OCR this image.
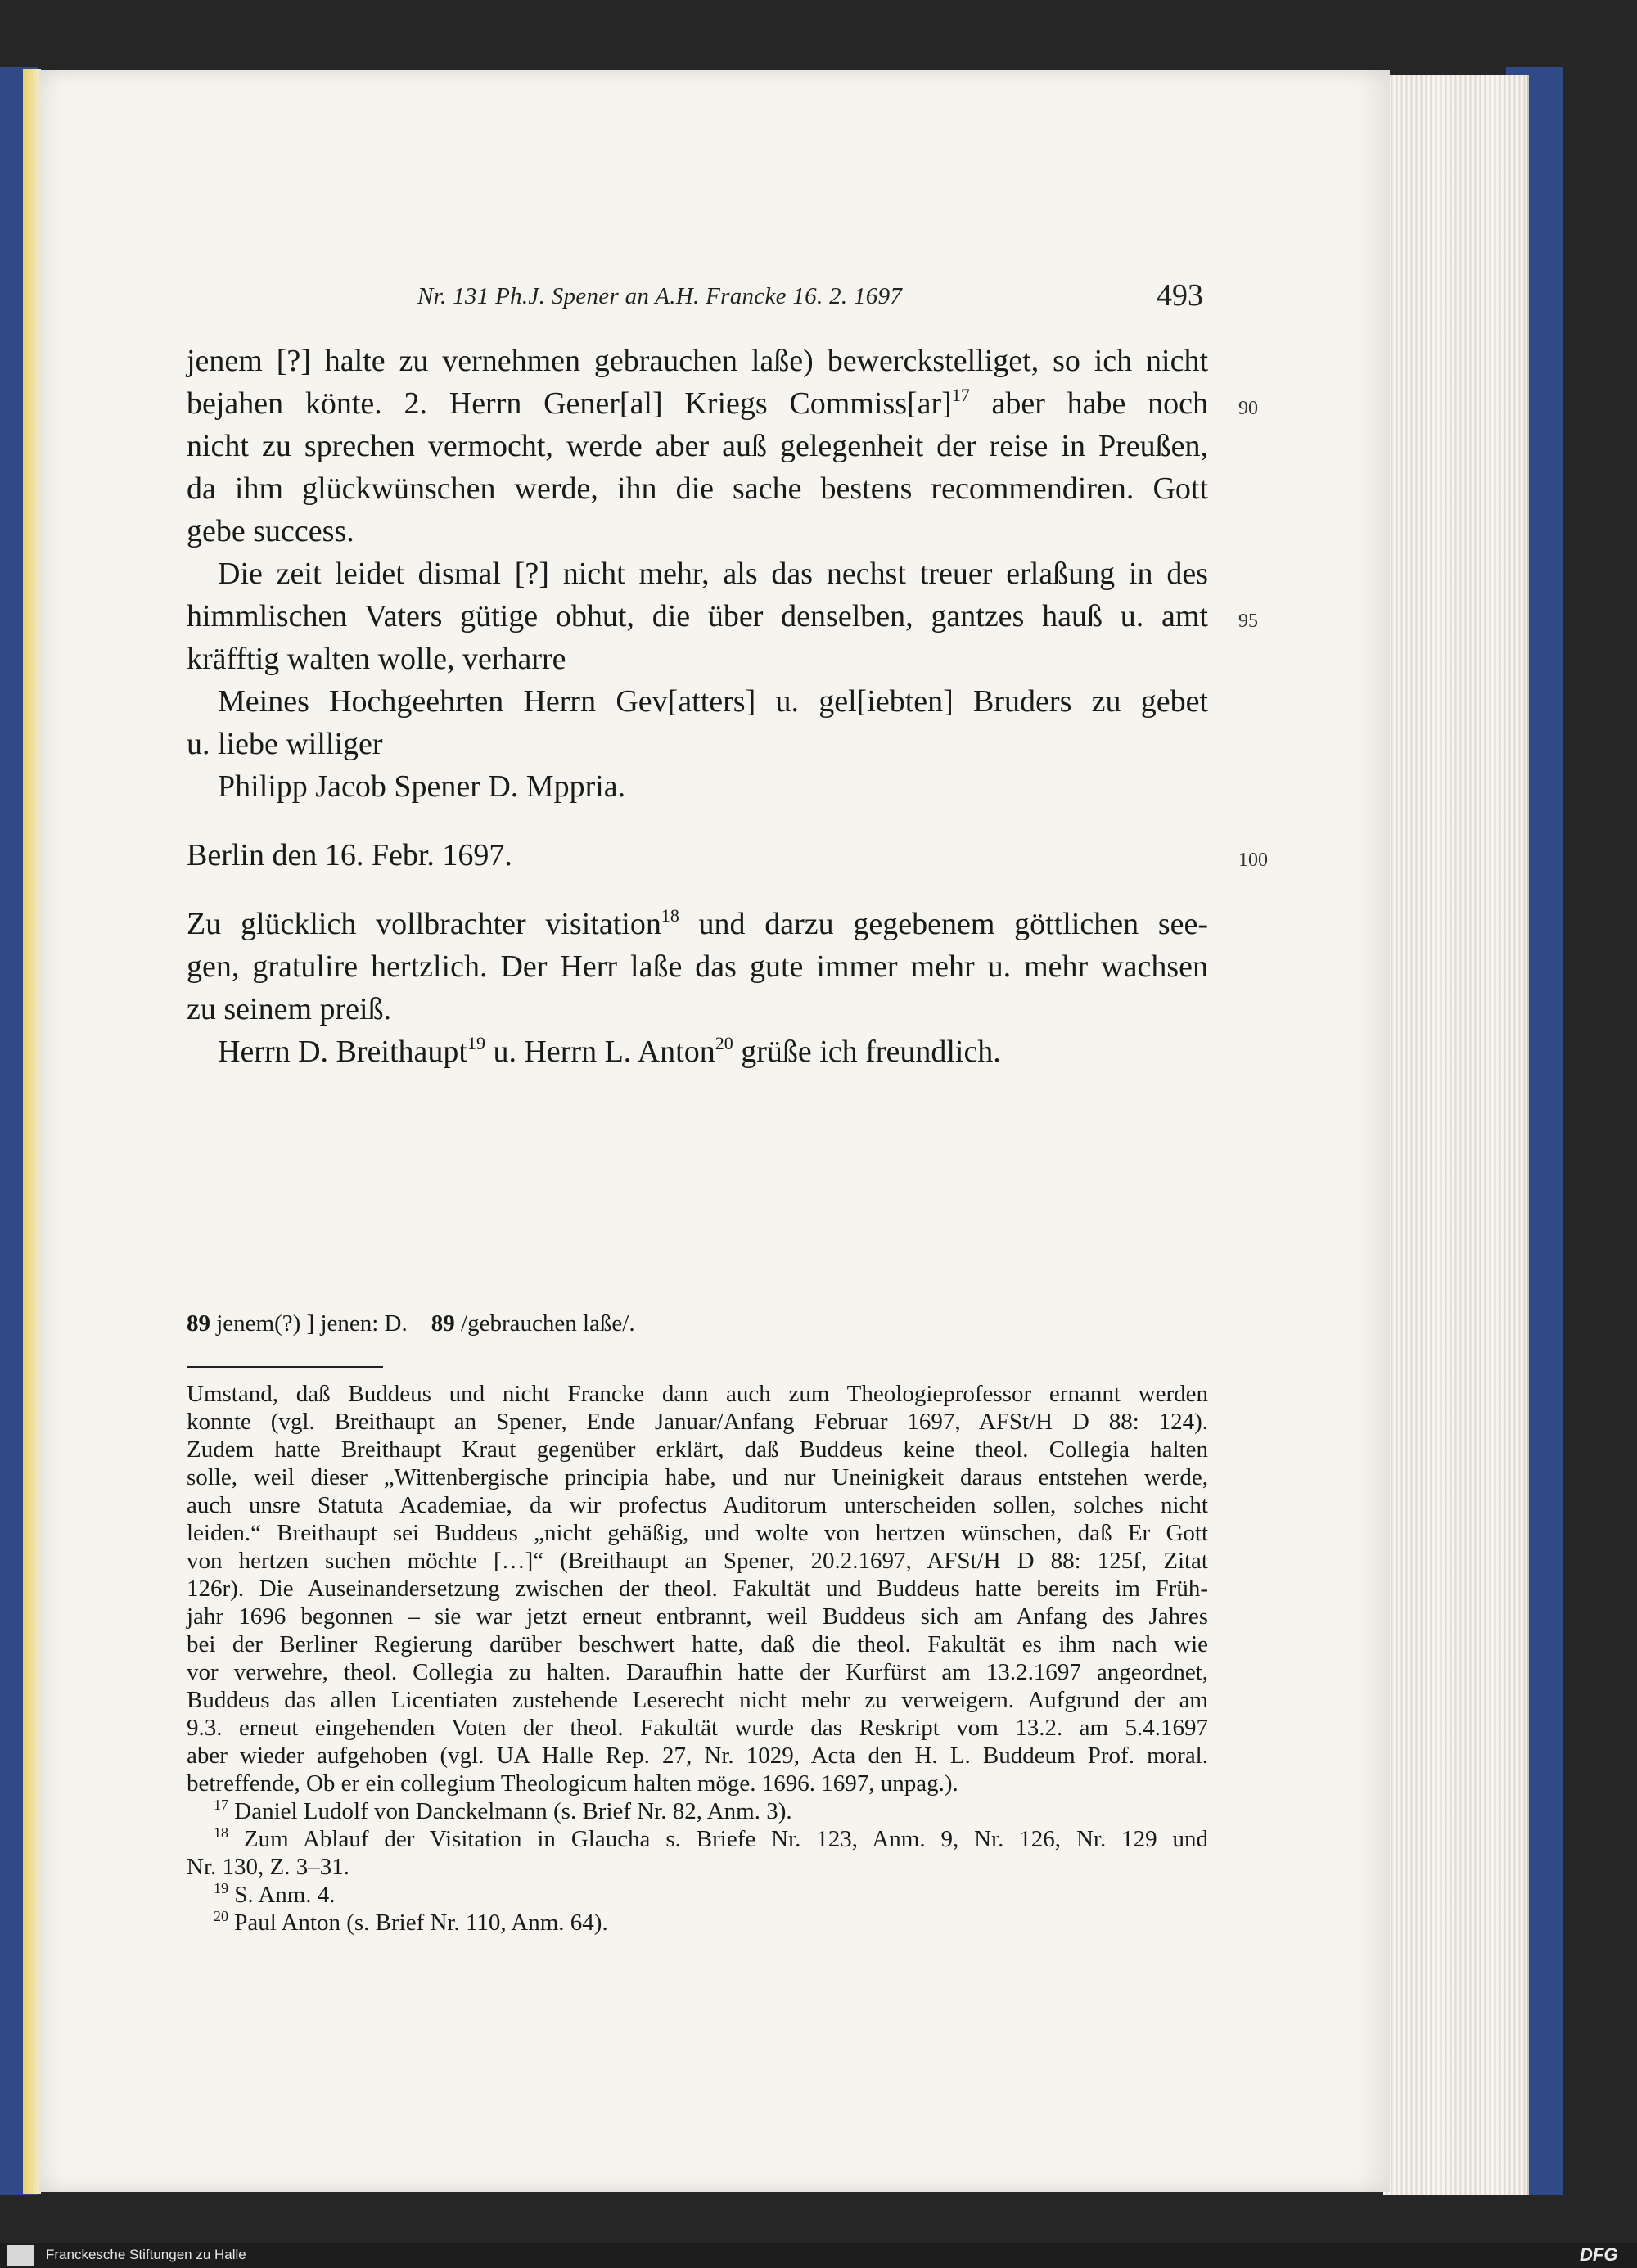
Nr. 131 Ph.J. Spener an A.H. Francke 16. 2. 1697	493
jenem [?] halte zu vernehmen gebrauchen laße) bewerckstelliget, so ich nicht
bejahen könte. 2. Herrn Gener[al] Kriegs Commiss[ar]$^{17}$ aber habe noch
nicht zu sprechen vermocht, werde aber auß gelegenheit der reise in Preußen,
da ihm glückwünschen werde, ihn die sache bestens recommendiren. Gott
gebe success.
Die zeit leidet dismal [?] nicht mehr, als das nechst treuer erlaßung in des
himmlischen Vaters gütige obhut, die über denselben, gantzes hauß u. amt
kräfftig walten wolle, verharre
Meines Hochgeehrten Herrn Gev[atters] u. gel[iebten] Bruders zu gebet
u. liebe williger
Philipp Jacob Spener D. Mppria.
Berlin den 16. Febr. 1697.
Zu glücklich vollbrachter visitation$^{18}$ und darzu gegebenem göttlichen see-
gen, gratulire hertzlich. Der Herr laße das gute immer mehr u. mehr wachsen
zu seinem preiß.
Herrn D. Breithaupt$^{19}$ u. Herrn L. Anton$^{20}$ grüße ich freundlich.
90
95
100
89 jenem(?) ] jenen: D. 89 /gebrauchen laße/.
Umstand, daß Buddeus und nicht Francke dann auch zum Theologieprofessor ernannt werden
konnte (vgl. Breithaupt an Spener, Ende Januar/Anfang Februar 1697, AFSt/H D 88: 124).
Zudem hatte Breithaupt Kraut gegenüber erklärt, daß Buddeus keine theol. Collegia halten
solle, weil dieser „Wittenbergische principia habe, und nur Uneinigkeit daraus entstehen werde,
auch unsre Statuta Academiae, da wir profectus Auditorum unterscheiden sollen, solches nicht
leiden.“ Breithaupt sei Buddeus „nicht gehäßig, und wolte von hertzen wünschen, daß Er Gott
von hertzen suchen möchte […]“ (Breithaupt an Spener, 20.2.1697, AFSt/H D 88: 125f, Zitat
126r). Die Auseinandersetzung zwischen der theol. Fakultät und Buddeus hatte bereits im Früh-
jahr 1696 begonnen – sie war jetzt erneut entbrannt, weil Buddeus sich am Anfang des Jahres
bei der Berliner Regierung darüber beschwert hatte, daß die theol. Fakultät es ihm nach wie
vor verwehre, theol. Collegia zu halten. Daraufhin hatte der Kurfürst am 13.2.1697 angeordnet,
Buddeus das allen Licentiaten zustehende Leserecht nicht mehr zu verweigern. Aufgrund der am
9.3. erneut eingehenden Voten der theol. Fakultät wurde das Reskript vom 13.2. am 5.4.1697
aber wieder aufgehoben (vgl. UA Halle Rep. 27, Nr. 1029, Acta den H. L. Buddeum Prof. moral.
betreffende, Ob er ein collegium Theologicum halten möge. 1696. 1697, unpag.).
$^{17}$ Daniel Ludolf von Danckelmann (s. Brief Nr. 82, Anm. 3).
$^{18}$ Zum Ablauf der Visitation in Glaucha s. Briefe Nr. 123, Anm. 9, Nr. 126, Nr. 129 und
Nr. 130, Z. 3–31.
$^{19}$ S. Anm. 4.
$^{20}$ Paul Anton (s. Brief Nr. 110, Anm. 64).
Franckesche Stiftungen zu Halle	DFG
